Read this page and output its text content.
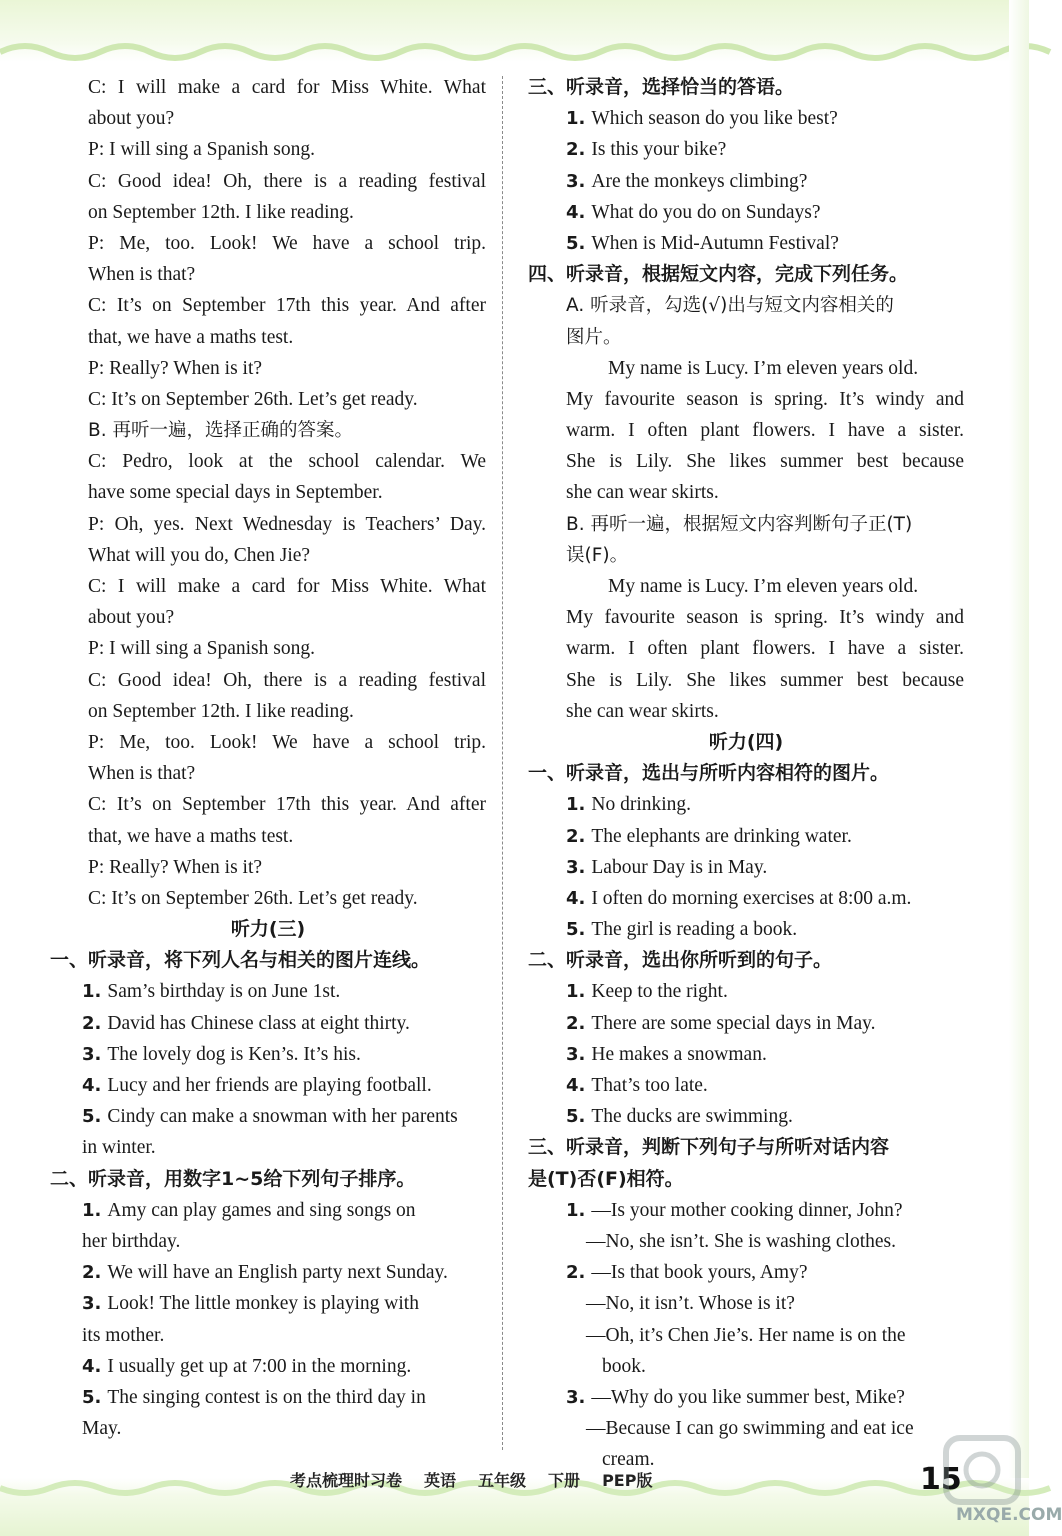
C: I will make a card for Miss White. What
about you?
P: I will sing a Spanish song.
C: Good idea! Oh, there is a reading festival
on September 12th. I like reading.
P: Me, too. Look! We have a school trip.
When is that?
C: It’s on September 17th this year. And after
that, we have a maths test.
P: Really? When is it?
C: It’s on September 26th. Let’s get ready.
B. 再听一遍，选择正确的答案。
C: Pedro, look at the school calendar. We
have some special days in September.
P: Oh, yes. Next Wednesday is Teachers’ Day.
What will you do, Chen Jie?
C: I will make a card for Miss White. What
about you?
P: I will sing a Spanish song.
C: Good idea! Oh, there is a reading festival
on September 12th. I like reading.
P: Me, too. Look! We have a school trip.
When is that?
C: It’s on September 17th this year. And after
that, we have a maths test.
P: Really? When is it?
C: It’s on September 26th. Let’s get ready.
听力(三)
一、听录音，将下列人名与相关的图片连线。
1. Sam’s birthday is on June 1st.
2. David has Chinese class at eight thirty.
3. The lovely dog is Ken’s. It’s his.
4. Lucy and her friends are playing football.
5. Cindy can make a snowman with her parents
in winter.
二、听录音，用数字1~5给下列句子排序。
1. Amy can play games and sing songs on
her birthday.
2. We will have an English party next Sunday.
3. Look! The little monkey is playing with
its mother.
4. I usually get up at 7:00 in the morning.
5. The singing contest is on the third day in
May.
三、听录音，选择恰当的答语。
1. Which season do you like best?
2. Is this your bike?
3. Are the monkeys climbing?
4. What do you do on Sundays?
5. When is Mid-Autumn Festival?
四、听录音，根据短文内容，完成下列任务。
A. 听录音，勾选(√)出与短文内容相关的
图片。
My name is Lucy. I’m eleven years old.
My favourite season is spring. It’s windy and
warm. I often plant flowers. I have a sister.
She is Lily. She likes summer best because
she can wear skirts.
B. 再听一遍，根据短文内容判断句子正(T)
误(F)。
My name is Lucy. I’m eleven years old.
My favourite season is spring. It’s windy and
warm. I often plant flowers. I have a sister.
She is Lily. She likes summer best because
she can wear skirts.
听力(四)
一、听录音，选出与所听内容相符的图片。
1. No drinking.
2. The elephants are drinking water.
3. Labour Day is in May.
4. I often do morning exercises at 8:00 a.m.
5. The girl is reading a book.
二、听录音，选出你所听到的句子。
1. Keep to the right.
2. There are some special days in May.
3. He makes a snowman.
4. That’s too late.
5. The ducks are swimming.
三、听录音，判断下列句子与所听对话内容
是(T)否(F)相符。
1. —Is your mother cooking dinner, John?
—No, she isn’t. She is washing clothes.
2. —Is that book yours, Amy?
—No, it isn’t. Whose is it?
—Oh, it’s Chen Jie’s. Her name is on the
book.
3. —Why do you like summer best, Mike?
—Because I can go swimming and eat ice
cream.
考点梳理时习卷 英语 五年级 下册 PEP版	15
MXQE.COM
